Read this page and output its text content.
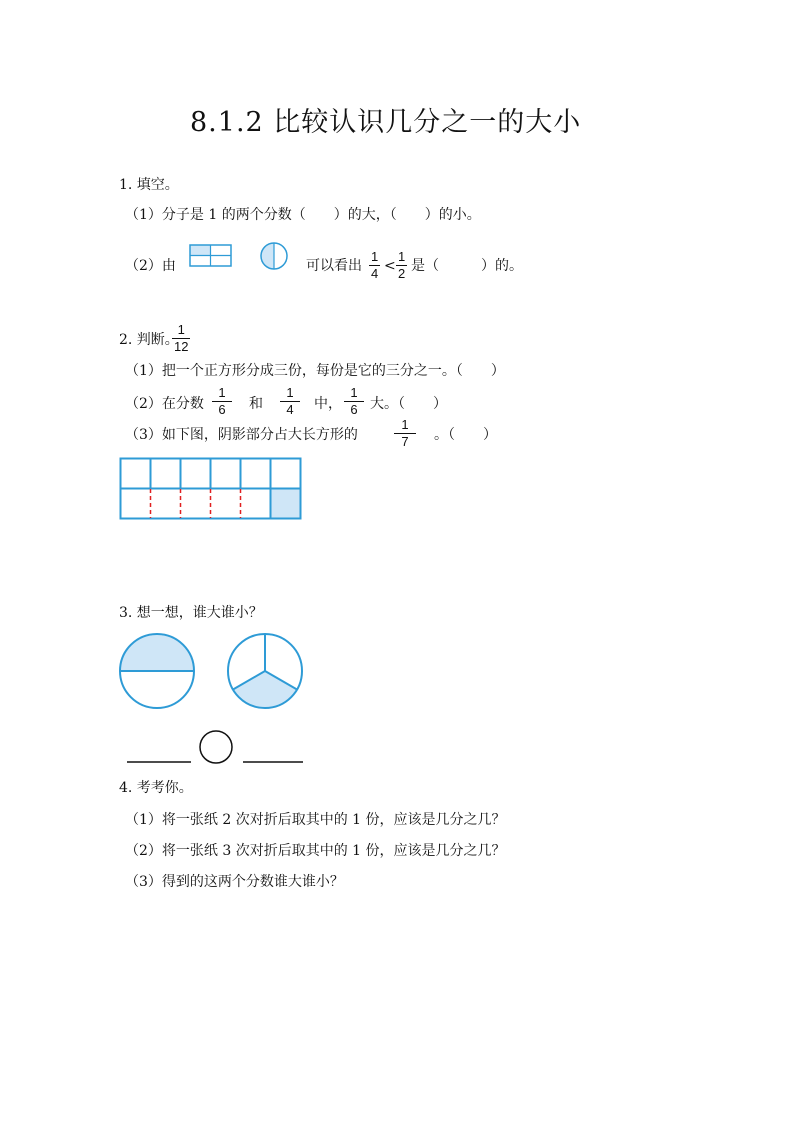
8.1.2 比较认识几分之一的大小
1. 填空。
（1）分子是 1 的两个分数（　　）的大，（　　）的小。
（2）由	可以看出
1
4 <
1
2 是（　　　）的。
2. 判断。
1
12
（1）把一个正方形分成三份，每份是它的三分之一。（　　）
（2）在分数
1
6 和
1
4 中，
1
6 大。（　　）
（3）如下图，阴影部分占大长方形的
1
7 。（　　）
3. 想一想，谁大谁小？
4. 考考你。
（1）将一张纸 2 次对折后取其中的 1 份，应该是几分之几？
（2）将一张纸 3 次对折后取其中的 1 份，应该是几分之几？
（3）得到的这两个分数谁大谁小？
